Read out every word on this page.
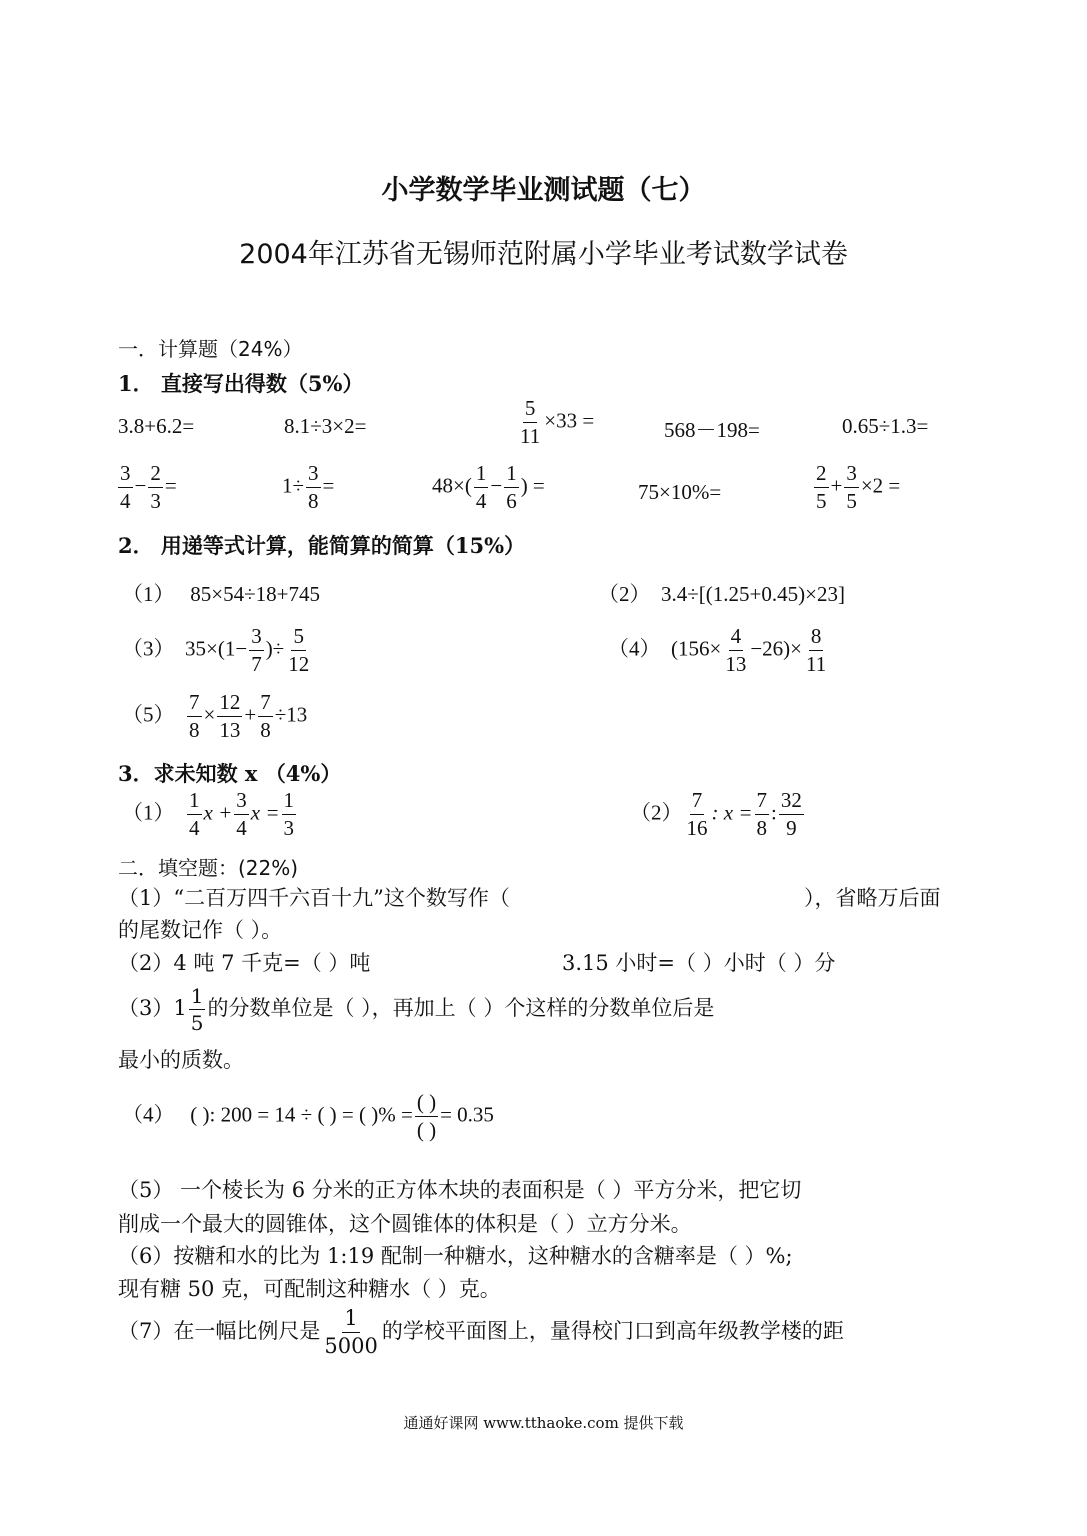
小学数学毕业测试题（七）
2004年江苏省无锡师范附属小学毕业考试数学试卷
一．计算题（24%）
1． 直接写出得数（5%）
3.8+6.2=	8.1÷3×2=	$\frac{5}{11} \times 33$ =	568－198=	0.65÷1.3=
$\frac{3}{4} - \frac{2}{3}$ =	$1\div \frac{3}{8}$ =	$48\times( \frac{1}{4} - \frac{1}{6}$ ) =	75×10%=	$\frac{2}{5} + \frac{3}{5} \times 2$ =
2． 用递等式计算，能简算的简算（15%）
（1） 85×54÷18+745	（2） 3.4÷[(1.25+0.45)×23]
（3） $35\times(1- \frac{3}{7}$ )÷ $\frac{5}{12}$	（4） $(156\times \frac{4}{13} -26)\times \frac{8}{11}$
$(5) \frac{7}{8} \times \frac{12}{13} + \frac{7}{8} \div 13$
3．求未知数 x （4%）
$(1) \frac{1}{4}$ $x + \frac{3}{4}$ $x = \frac{1}{3}$	$(2) \frac{7}{16}$ : $x = \frac{7}{8}$ : $\frac{32}{9}$
二．填空题：(22%)
（1）“二百万四千六百十九”这个数写作（	），省略万后面
的尾数记作（ ）。
（2）4 吨 7 千克=（ ）吨	3.15 小时=（ ）小时（ ）分
$(3)1 \frac{1}{5}$ 的分数单位是（ ），再加上（ ）个这样的分数单位后是
最小的质数。
（4） ( ): 200 = 14 ÷ ( ) = ( )% = $\frac{( )}{( )} = 0.35$
（5） 一个棱长为 6 分米的正方体木块的表面积是（ ）平方分米，把它切
削成一个最大的圆锥体，这个圆锥体的体积是（ ）立方分米。
（6）按糖和水的比为 1:19 配制一种糖水，这种糖水的含糖率是（ ）%;
现有糖 50 克，可配制这种糖水（ ）克。
（7）在一幅比例尺是 $\frac{1}{5000}$ 的学校平面图上，量得校门口到高年级教学楼的距
通通好课网 www.tthaoke.com 提供下载
